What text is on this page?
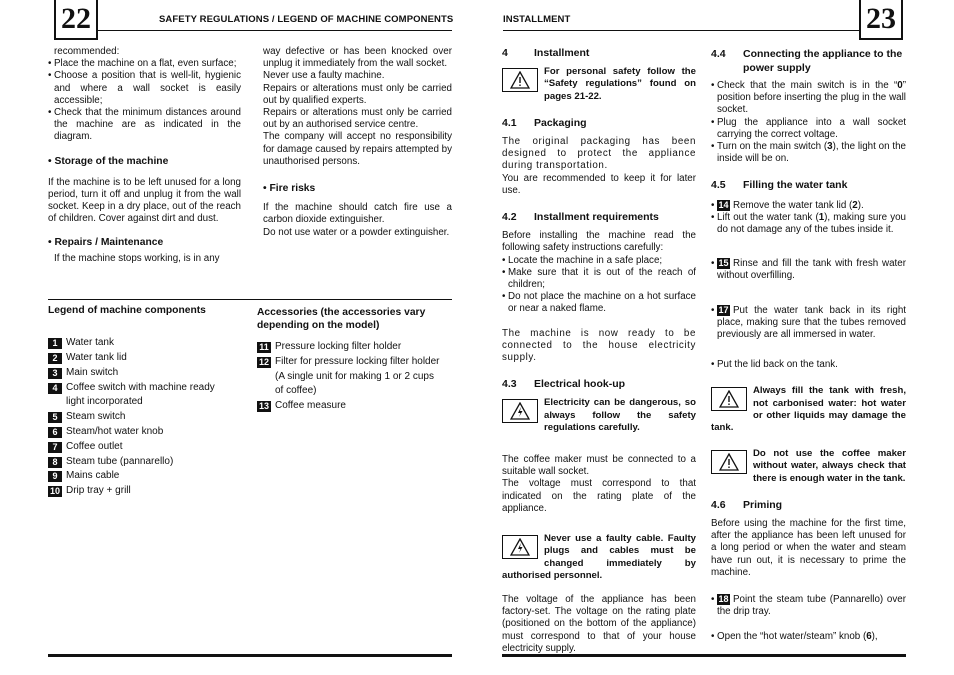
22	SAFETY REGULATIONS / LEGEND OF MACHINE COMPONENTS

recommended:

• Place the machine on a flat, even surface;
• Choose a position that is well-lit, hygienic and where a wall socket is easily accessible;
• Check that the minimum distances around the machine are as indicated in the diagram.

• Storage of the machine

If the machine is to be left unused for a long period, turn it off and unplug it from the wall socket. Keep in a dry place, out of the reach of children. Cover against dirt and dust.

• Repairs / Maintenance

If the machine stops working, is in any

way defective or has been knocked over unplug it immediately from the wall socket.

Never use a faulty machine.

Repairs or alterations must only be carried out by qualified experts.

Repairs or alterations must only be carried out by an authorised service centre.

The company will accept no responsibility for damage caused by repairs attempted by unauthorised persons.

• Fire risks

If the machine should catch fire use a carbon dioxide extinguisher.

Do not use water or a powder extinguisher.

Legend of machine components

1 Water tank
2 Water tank lid
3 Main switch
4 Coffee switch with machine ready
light incorporated
5 Steam switch
6 Steam/hot water knob
7 Coffee outlet
8 Steam tube (pannarello)
9 Mains cable
10 Drip tray + grill

Accessories (the accessories vary depending on the model)

11 Pressure locking filter holder
12 Filter for pressure locking filter holder
(A single unit for making 1 or 2 cups
of coffee)
13 Coffee measure
INSTALLMENT	23
4	Installment
For personal safety follow the “Safety regulations” found on pages 21-22.
4.1	Packaging

The original packaging has been designed to protect the appliance during transportation.

You are recommended to keep it for later use.

4.2	Installment requirements

Before installing the machine read the following safety instructions carefully:

• Locate the machine in a safe place;
• Make sure that it is out of the reach of children;
• Do not place the machine on a hot surface or near a naked flame.

The machine is now ready to be connected to the house electricity supply.

4.3	Electrical hook-up
Electricity can be dangerous, so always follow the safety regulations carefully.

The coffee maker must be connected to a suitable wall socket.

The voltage must correspond to that indicated on the rating plate of the appliance.

Never use a faulty cable. Faulty plugs and cables must be changed immediately by authorised personnel.

The voltage of the appliance has been factory-set. The voltage on the rating plate (positioned on the bottom of the appliance) must correspond to that of your house electricity supply.

4.4	Connecting the appliance to the power supply
• Check that the main switch is in the “0” position before inserting the plug in the wall socket.
• Plug the appliance into a wall socket carrying the correct voltage.
• Turn on the main switch (3), the light on the inside will be on.
4.5	Filling the water tank
• 14 Remove the water tank lid (2).
• Lift out the water tank (1), making sure you do not damage any of the tubes inside it.
• 15 Rinse and fill the tank with fresh water without overfilling.
• 17 Put the water tank back in its right place, making sure that the tubes removed previously are all immersed in water.
• Put the lid back on the tank.
Always fill the tank with fresh, not carbonised water: hot water or other liquids may damage the tank.
Do not use the coffee maker without water, always check that there is enough water in the tank.
4.6	Priming

Before using the machine for the first time, after the appliance has been left unused for a long period or when the water and steam have run out, it is necessary to prime the machine.

• 18 Point the steam tube (Pannarello) over the drip tray.
• Open the “hot water/steam” knob (6),
